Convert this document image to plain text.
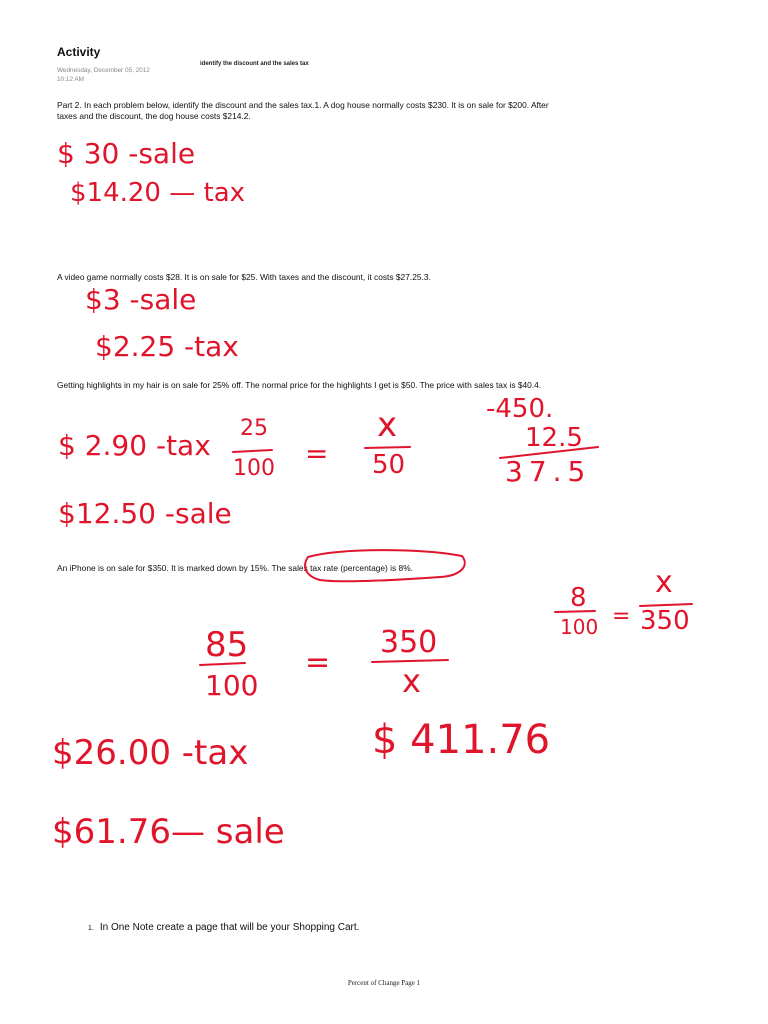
Activity
Wednesday, December 05, 2012
10:12 AM
identify the discount and the sales tax
Part 2. In each problem below, identify the discount and the sales tax.1. A dog house normally costs $230. It is on sale for $200. After taxes and the discount, the dog house costs $214.2.
A video game normally costs $28. It is on sale for $25. With taxes and the discount, it costs $27.25.3.
Getting highlights in my hair is on sale for 25% off. The normal price for the highlights I get is $50. The price with sales tax is $40.4.
An iPhone is on sale for $350. It is marked down by 15%. The sales tax rate (percentage) is 8%.
$ 30 -sale
$14.20 — tax
$3 -sale
$2.25 -tax
$ 2.90 -tax
25
100 =
x
50
-450.
12.5
37.5
$12.50 -sale
85
100
=
350
x
8
100 =
x
350
$ 411.76
$26.00 -tax
$61.76— sale
1. In One Note create a page that will be your Shopping Cart.
Percent of Change Page 1
